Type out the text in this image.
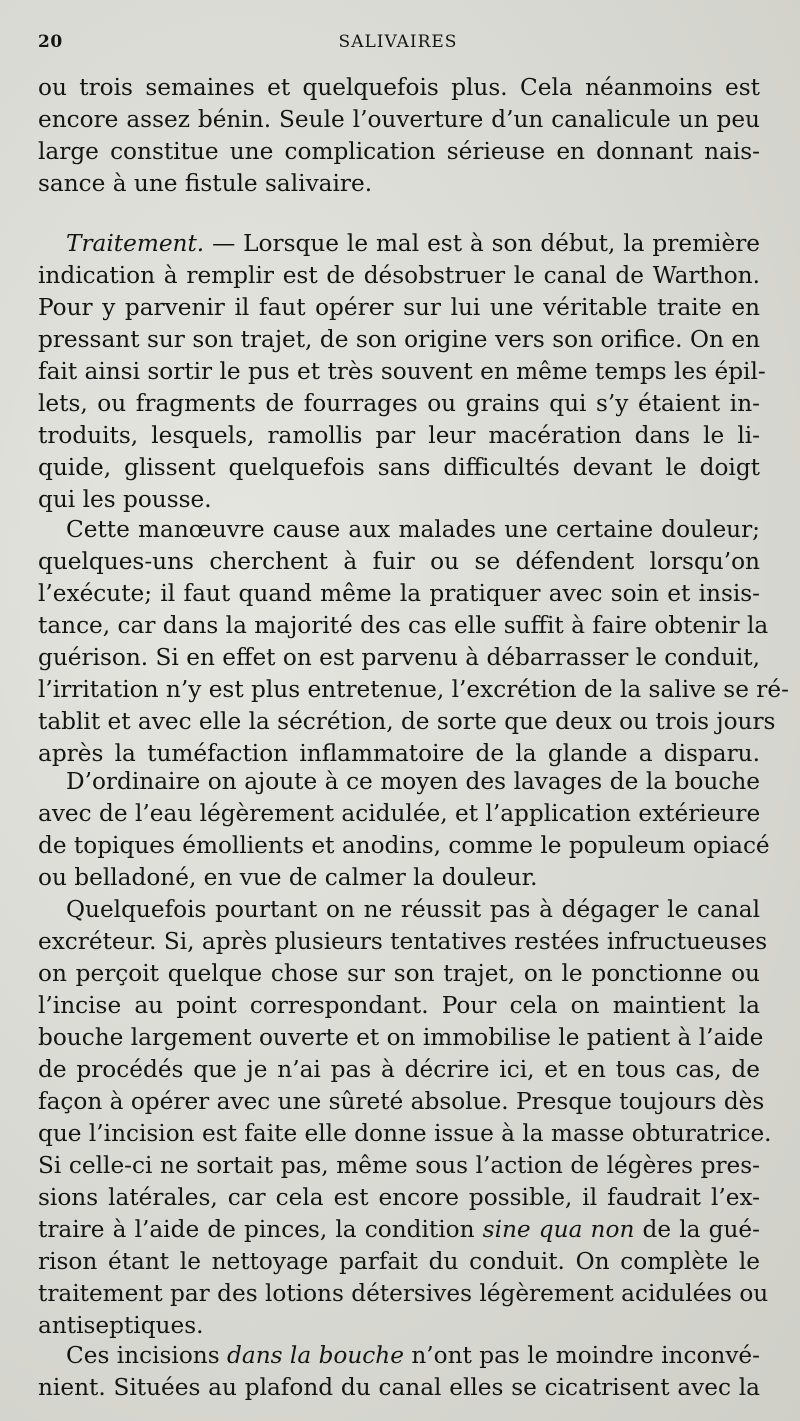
20	SALIVAIRES
ou trois semaines et quelquefois plus. Cela néanmoins est
encore assez bénin. Seule l’ouverture d’un canalicule un peu
large constitue une complication sérieuse en donnant nais-
sance à une fistule salivaire.
Traitement. — Lorsque le mal est à son début, la première
indication à remplir est de désobstruer le canal de Warthon.
Pour y parvenir il faut opérer sur lui une véritable traite en
pressant sur son trajet, de son origine vers son orifice. On en
fait ainsi sortir le pus et très souvent en même temps les épil-
lets, ou fragments de fourrages ou grains qui s’y étaient in-
troduits, lesquels, ramollis par leur macération dans le li-
quide, glissent quelquefois sans difficultés devant le doigt
qui les pousse.
Cette manœuvre cause aux malades une certaine douleur;
quelques-uns cherchent à fuir ou se défendent lorsqu’on
l’exécute; il faut quand même la pratiquer avec soin et insis-
tance, car dans la majorité des cas elle suffit à faire obtenir la
guérison. Si en effet on est parvenu à débarrasser le conduit,
l’irritation n’y est plus entretenue, l’excrétion de la salive se ré-
tablit et avec elle la sécrétion, de sorte que deux ou trois jours
après la tuméfaction inflammatoire de la glande a disparu.
D’ordinaire on ajoute à ce moyen des lavages de la bouche
avec de l’eau légèrement acidulée, et l’application extérieure
de topiques émollients et anodins, comme le populeum opiacé
ou belladoné, en vue de calmer la douleur.
Quelquefois pourtant on ne réussit pas à dégager le canal
excréteur. Si, après plusieurs tentatives restées infructueuses
on perçoit quelque chose sur son trajet, on le ponctionne ou
l’incise au point correspondant. Pour cela on maintient la
bouche largement ouverte et on immobilise le patient à l’aide
de procédés que je n’ai pas à décrire ici, et en tous cas, de
façon à opérer avec une sûreté absolue. Presque toujours dès
que l’incision est faite elle donne issue à la masse obturatrice.
Si celle-ci ne sortait pas, même sous l’action de légères pres-
sions latérales, car cela est encore possible, il faudrait l’ex-
traire à l’aide de pinces, la condition sine qua non de la gué-
rison étant le nettoyage parfait du conduit. On complète le
traitement par des lotions détersives légèrement acidulées ou
antiseptiques.
Ces incisions dans la bouche n’ont pas le moindre inconvé-
nient. Situées au plafond du canal elles se cicatrisent avec la
